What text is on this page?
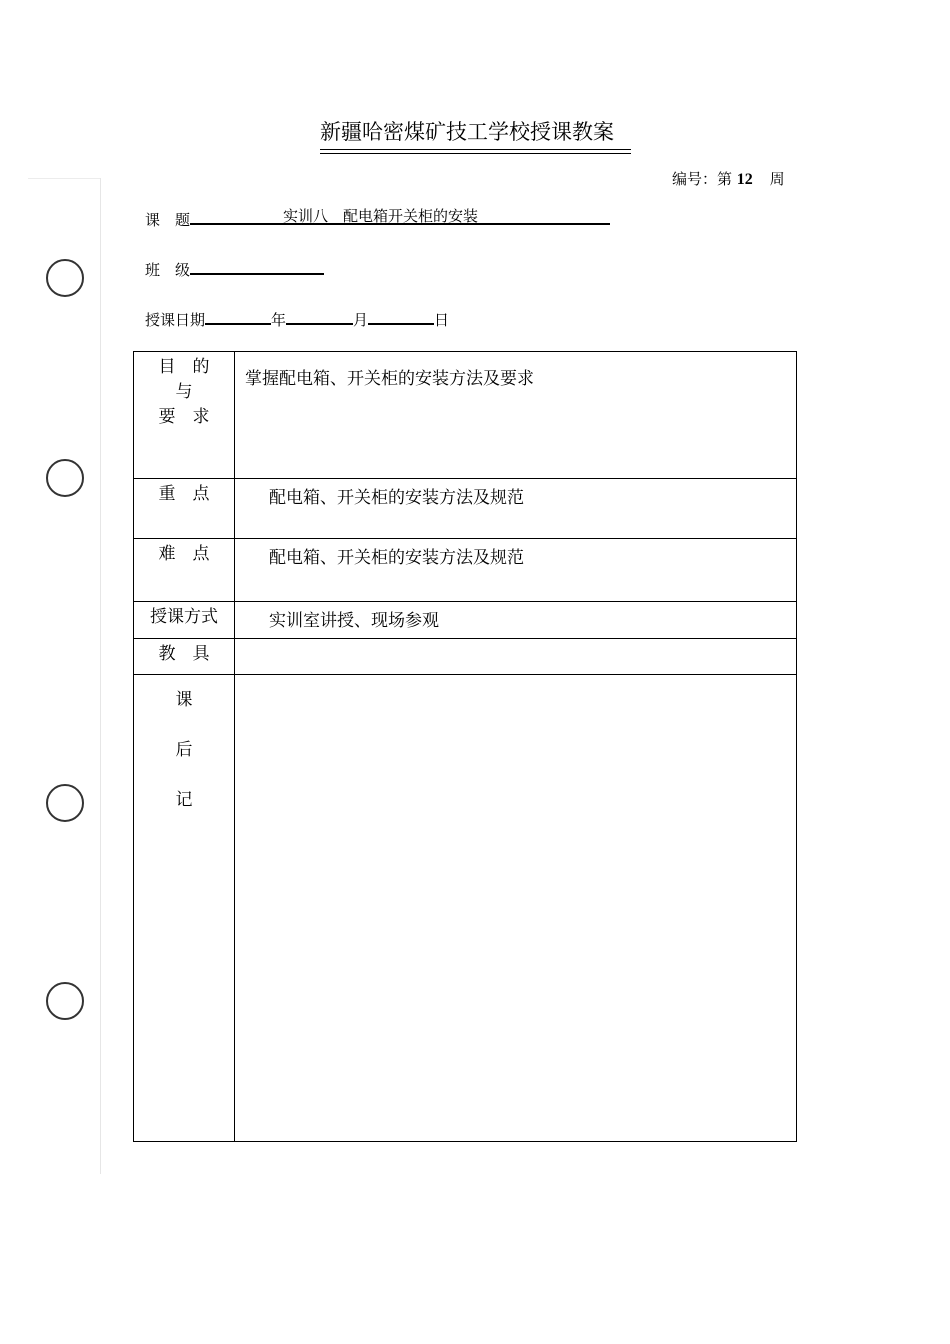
新疆哈密煤矿技工学校授课教案
编号：第 12 周
课　题	实训八　配电箱开关柜的安装
班　级
授课日期	年	月	日
目　的
与
要　求	掌握配电箱、开关柜的安装方法及要求
重　点	配电箱、开关柜的安装方法及规范
难　点	配电箱、开关柜的安装方法及规范
授课方式	实训室讲授、现场参观
教　具	

课
后
记	
